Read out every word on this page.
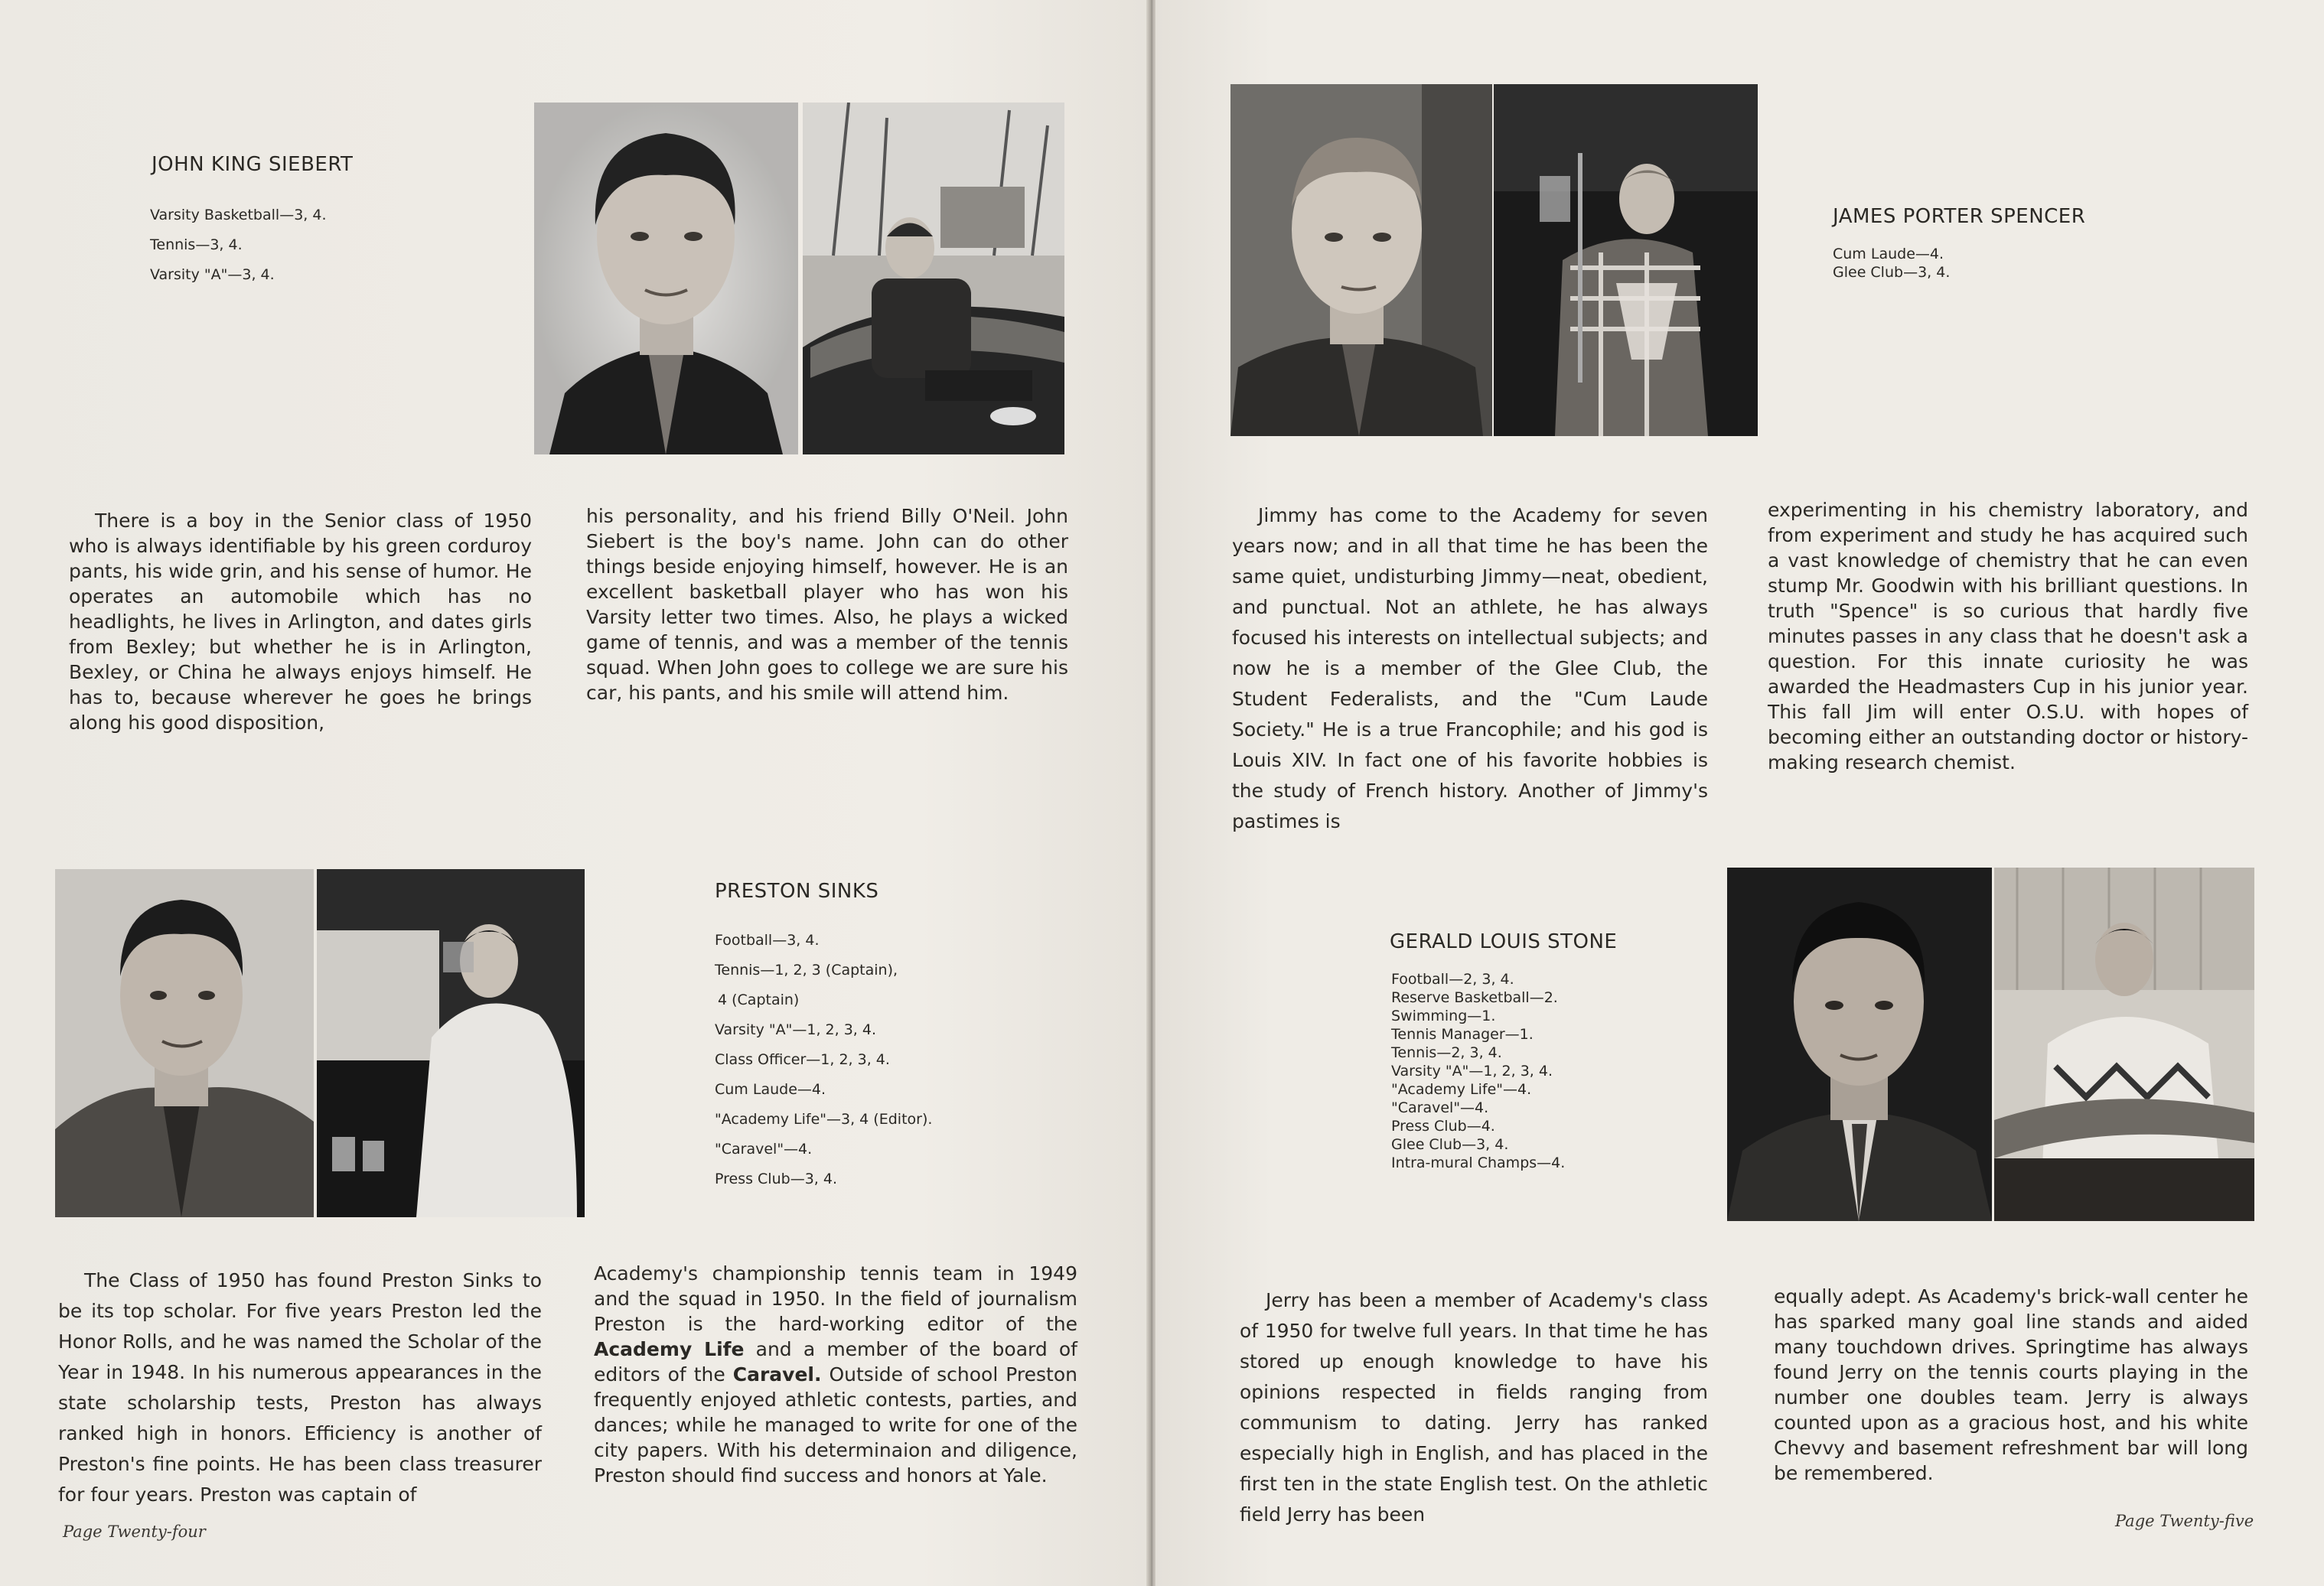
JOHN KING SIEBERT
Varsity Basketball—3, 4.
Tennis—3, 4.
Varsity "A"—3, 4.

There is a boy in the Senior class of 1950 who is always identifiable by his green corduroy pants, his wide grin, and his sense of humor. He operates an automobile which has no headlights, he lives in Arlington, and dates girls from Bexley; but whether he is in Arlington, Bexley, or China he always enjoys himself. He has to, because wherever he goes he brings along his good disposition,

his personality, and his friend Billy O'Neil. John Siebert is the boy's name. John can do other things beside enjoying himself, however. He is an excellent basketball player who has won his Varsity letter two times. Also, he plays a wicked game of tennis, and was a member of the tennis squad. When John goes to college we are sure his car, his pants, and his smile will attend him.

PRESTON SINKS
Football—3, 4.
Tennis—1, 2, 3 (Captain),
4 (Captain)
Varsity "A"—1, 2, 3, 4.
Class Officer—1, 2, 3, 4.
Cum Laude—4.
"Academy Life"—3, 4 (Editor).
"Caravel"—4.
Press Club—3, 4.

The Class of 1950 has found Preston Sinks to be its top scholar. For five years Preston led the Honor Rolls, and he was named the Scholar of the Year in 1948. In his numerous appearances in the state scholarship tests, Preston has always ranked high in honors. Efficiency is another of Preston's fine points. He has been class treasurer for four years. Preston was captain of

Academy's championship tennis team in 1949 and the squad in 1950. In the field of journalism Preston is the hard-working editor of the Academy Life and a member of the board of editors of the Caravel. Outside of school Preston frequently enjoyed athletic contests, parties, and dances; while he managed to write for one of the city papers. With his determinaion and diligence, Preston should find success and honors at Yale.

Page Twenty-four
JAMES PORTER SPENCER
Cum Laude—4.
Glee Club—3, 4.

Jimmy has come to the Academy for seven years now; and in all that time he has been the same quiet, undisturbing Jimmy—neat, obedient, and punctual. Not an athlete, he has always focused his interests on intellectual subjects; and now he is a member of the Glee Club, the Student Federalists, and the "Cum Laude Society." He is a true Francophile; and his god is Louis XIV. In fact one of his favorite hobbies is the study of French history. Another of Jimmy's pastimes is

experimenting in his chemistry laboratory, and from experiment and study he has acquired such a vast knowledge of chemistry that he can even stump Mr. Goodwin with his brilliant questions. In truth "Spence" is so curious that hardly five minutes passes in any class that he doesn't ask a question. For this innate curiosity he was awarded the Headmasters Cup in his junior year. This fall Jim will enter O.S.U. with hopes of becoming either an outstanding doctor or history-making research chemist.

GERALD LOUIS STONE
Football—2, 3, 4.
Reserve Basketball—2.
Swimming—1.
Tennis Manager—1.
Tennis—2, 3, 4.
Varsity "A"—1, 2, 3, 4.
"Academy Life"—4.
"Caravel"—4.
Press Club—4.
Glee Club—3, 4.
Intra-mural Champs—4.

Jerry has been a member of Academy's class of 1950 for twelve full years. In that time he has stored up enough knowledge to have his opinions respected in fields ranging from communism to dating. Jerry has ranked especially high in English, and has placed in the first ten in the state English test. On the athletic field Jerry has been

equally adept. As Academy's brick-wall center he has sparked many goal line stands and aided many touchdown drives. Springtime has always found Jerry on the tennis courts playing in the number one doubles team. Jerry is always counted upon as a gracious host, and his white Chevvy and basement refreshment bar will long be remembered.

Page Twenty-five
